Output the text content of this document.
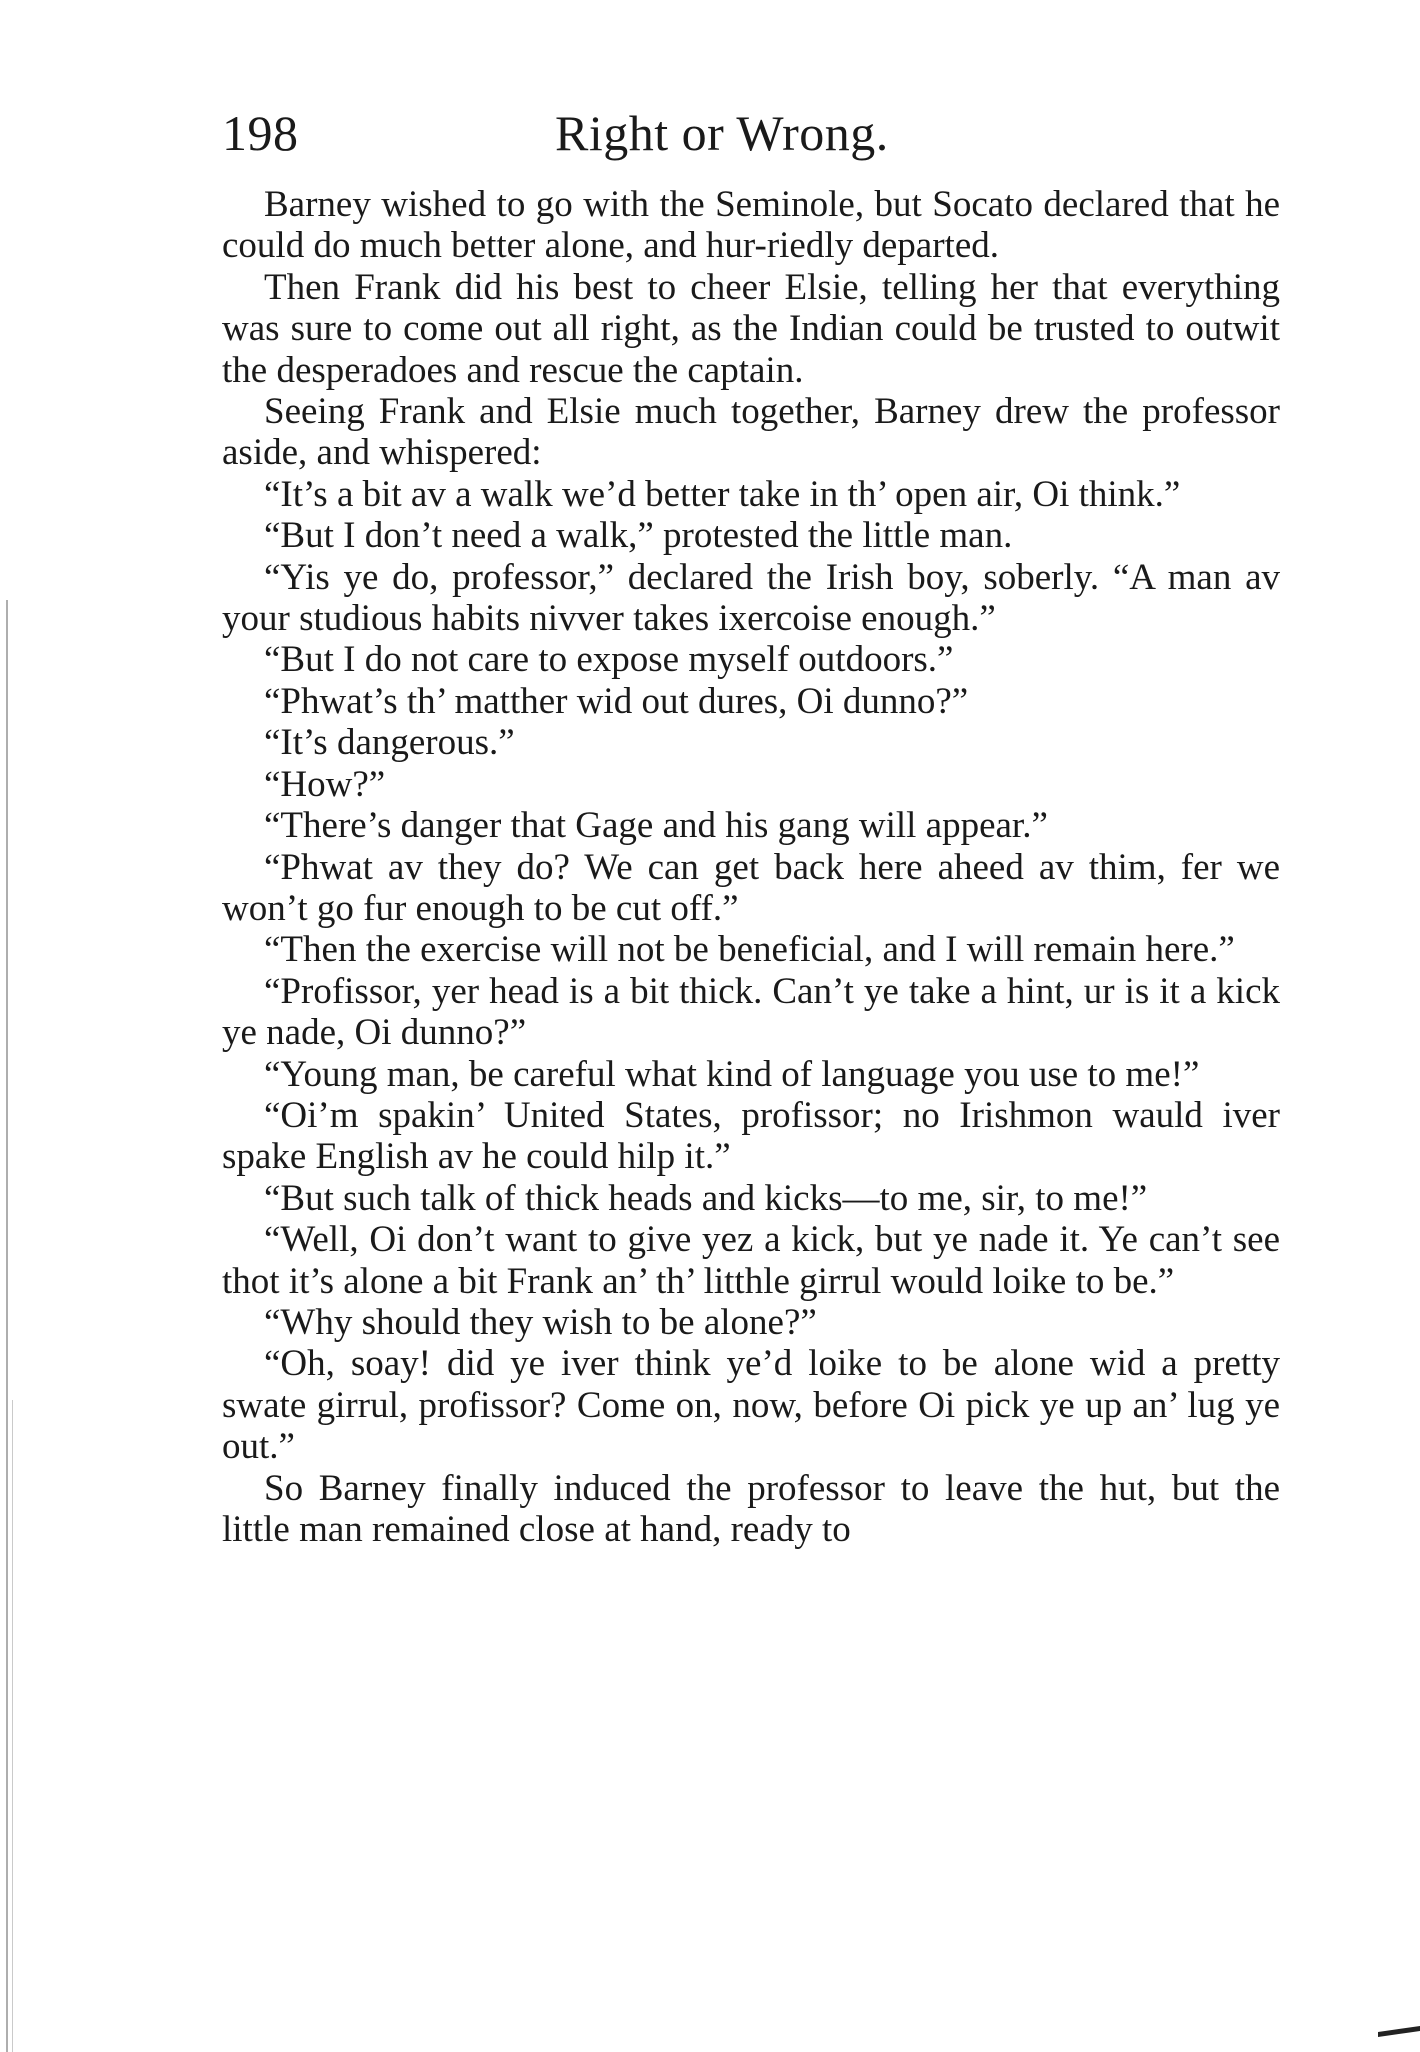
198	Right or Wrong.

Barney wished to go with the Seminole, but Socato declared that he could do much better alone, and hur-riedly departed.

Then Frank did his best to cheer Elsie, telling her that everything was sure to come out all right, as the Indian could be trusted to outwit the desperadoes and rescue the captain.

Seeing Frank and Elsie much together, Barney drew the professor aside, and whispered:

“It’s a bit av a walk we’d better take in th’ open air, Oi think.”

“But I don’t need a walk,” protested the little man.

“Yis ye do, professor,” declared the Irish boy, soberly. “A man av your studious habits nivver takes ixercoise enough.”

“But I do not care to expose myself outdoors.”

“Phwat’s th’ matther wid out dures, Oi dunno?”

“It’s dangerous.”

“How?”

“There’s danger that Gage and his gang will appear.”

“Phwat av they do? We can get back here aheed av thim, fer we won’t go fur enough to be cut off.”

“Then the exercise will not be beneficial, and I will remain here.”

“Profissor, yer head is a bit thick. Can’t ye take a hint, ur is it a kick ye nade, Oi dunno?”

“Young man, be careful what kind of language you use to me!”

“Oi’m spakin’ United States, profissor; no Irishmon wauld iver spake English av he could hilp it.”

“But such talk of thick heads and kicks—to me, sir, to me!”

“Well, Oi don’t want to give yez a kick, but ye nade it. Ye can’t see thot it’s alone a bit Frank an’ th’ litthle girrul would loike to be.”

“Why should they wish to be alone?”

“Oh, soay! did ye iver think ye’d loike to be alone wid a pretty swate girrul, profissor? Come on, now, before Oi pick ye up an’ lug ye out.”

So Barney finally induced the professor to leave the hut, but the little man remained close at hand, ready to
